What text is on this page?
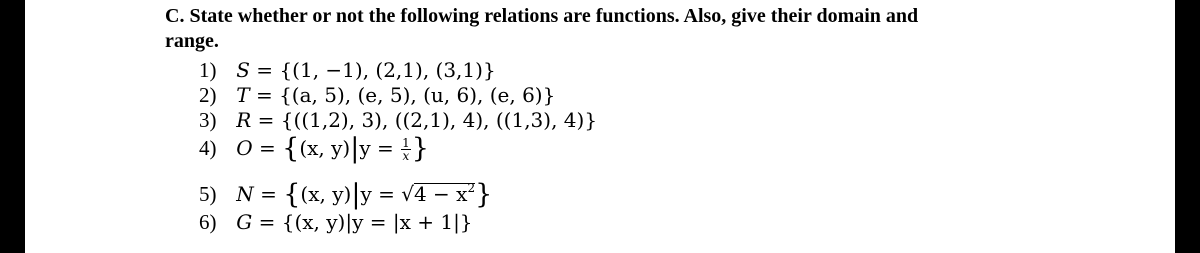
C. State whether or not the following relations are functions. Also, give their domain and
range.
1) S = {(1, −1), (2,1), (3,1)}
2) T = {(a, 5), (e, 5), (u, 6), (e, 6)}
3) R = {((1,2), 3), ((2,1), 4), ((1,3), 4)}
4) O = {(x, $y)|y = \frac{1}{x}$ }
5) N = {(x, $y)|y = √4 - x^2$}
6) G = {(x, y)|y = |x + 1|}
